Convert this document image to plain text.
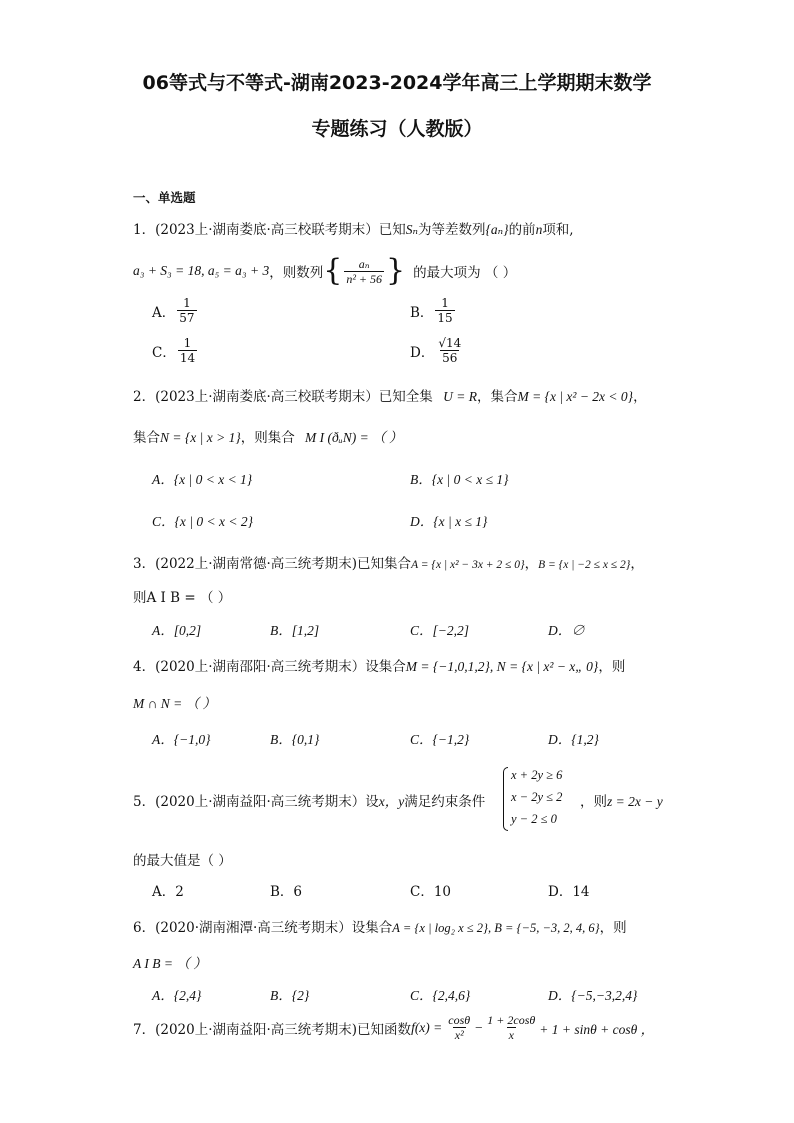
06等式与不等式-湖南2023-2024学年高三上学期期末数学
专题练习（人教版）
一、单选题
1．(2023上·湖南娄底·高三校联考期末）已知Sₙ为等差数列{aₙ}的前n项和,
a₃ + S₃ = 18, a₅ = a₃ + 3 ，则数列 { $\frac{\text{aₙ}}{\text{n² + 56}}$ } 的最大项为 （ ）
A． $\frac{1}{57}$	B． $\frac{1}{15}$
C． $\frac{1}{14}$	D． $\frac{√14}{56}$
2．(2023上·湖南娄底·高三校联考期末）已知全集 U = R，集合M = {x | x² − 2x < 0}，
集合N = {x | x > 1}，则集合 M I (ðᵤN) = （ ）
A．{x | 0 < x < 1}	B．{x | 0 < x ≤ 1}
C．{x | 0 < x < 2}	D．{x | x ≤ 1}
3．(2022上·湖南常德·高三统考期末)已知集合A = {x | x² − 3x + 2 ≤ 0}，B = {x | −2 ≤ x ≤ 2}，
则A I B = （ ）
A．[0,2]	B．[1,2]	C．[−2,2]	D．∅
4．(2020上·湖南邵阳·高三统考期末）设集合M = {−1,0,1,2}, N = {x | x² − x„ 0}，则
M ∩ N = （ ）
A．{−1,0}	B．{0,1}	C．{−1,2}	D．{1,2}
5．(2020上·湖南益阳·高三统考期末）设x，y满足约束条件
x + 2y ≥ 6
x − 2y ≤ 2
y − 2 ≤ 0
，则z = 2x − y
的最大值是（ ）
A．2	B．6	C．10	D．14
6．(2020·湖南湘潭·高三统考期末）设集合A = {x | log₂ x ≤ 2}, B = {−5, −3, 2, 4, 6}，则
A I B = （ ）
A．{2,4}	B．{2}	C．{2,4,6}	D．{−5,−3,2,4}
7．(2020上·湖南益阳·高三统考期末)已知函数 $f(x) = \frac{\cos\theta}{\text{x²}} - \frac{1 + 2\cos\theta}{x} + 1 + \sin\theta + \cos\theta$ ，
